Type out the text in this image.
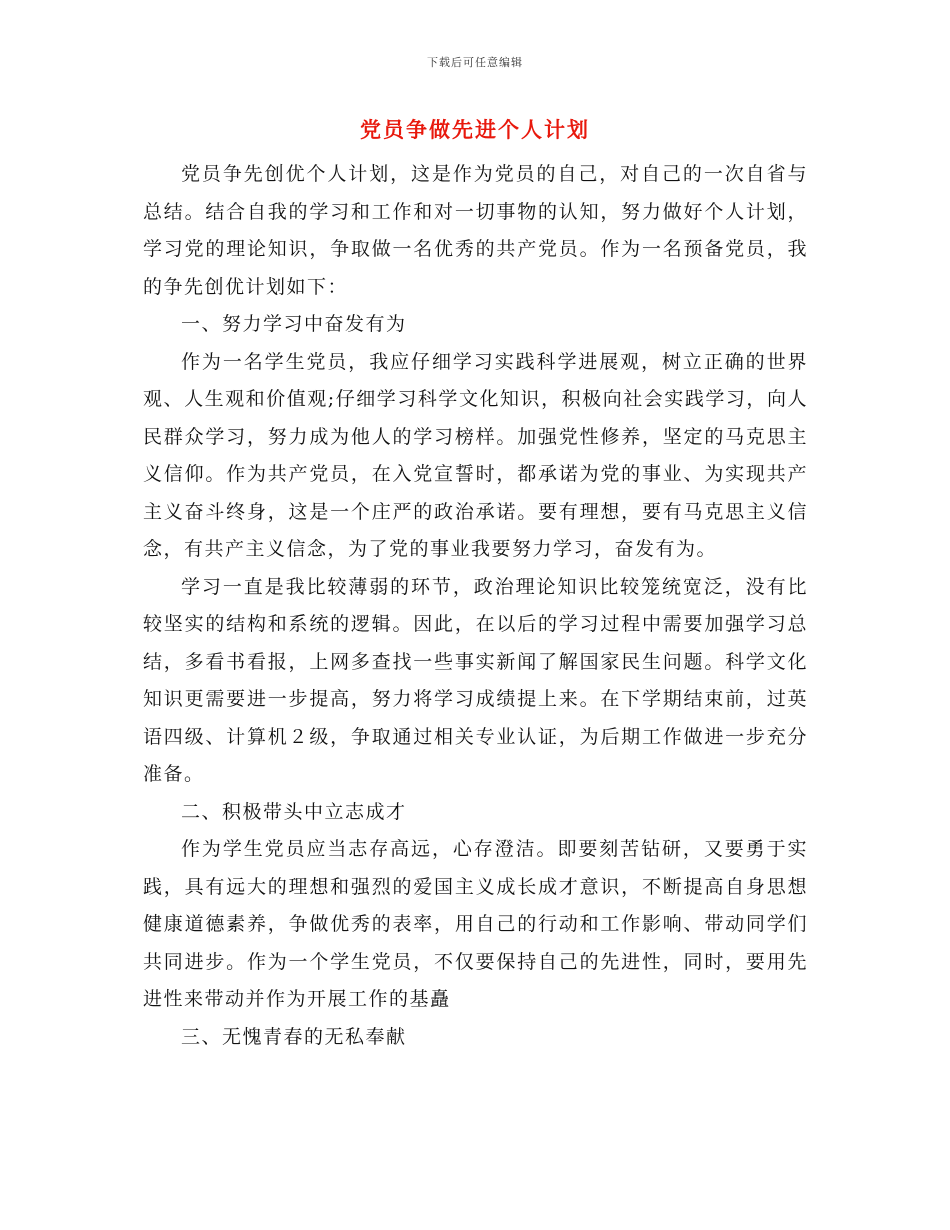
下载后可任意编辑
党员争做先进个人计划

党员争先创优个人计划，这是作为党员的自己，对自己的一次自省与总结。结合自我的学习和工作和对一切事物的认知，努力做好个人计划，学习党的理论知识，争取做一名优秀的共产党员。作为一名预备党员，我的争先创优计划如下：

一、努力学习中奋发有为

作为一名学生党员，我应仔细学习实践科学进展观，树立正确的世界观、人生观和价值观;仔细学习科学文化知识，积极向社会实践学习，向人民群众学习，努力成为他人的学习榜样。加强党性修养，坚定的马克思主义信仰。作为共产党员，在入党宣誓时，都承诺为党的事业、为实现共产主义奋斗终身，这是一个庄严的政治承诺。要有理想，要有马克思主义信念，有共产主义信念，为了党的事业我要努力学习，奋发有为。

学习一直是我比较薄弱的环节，政治理论知识比较笼统宽泛，没有比较坚实的结构和系统的逻辑。因此，在以后的学习过程中需要加强学习总结，多看书看报，上网多查找一些事实新闻了解国家民生问题。科学文化知识更需要进一步提高，努力将学习成绩提上来。在下学期结束前，过英语四级、计算机２级，争取通过相关专业认证，为后期工作做进一步充分准备。

二、积极带头中立志成才

作为学生党员应当志存高远，心存澄洁。即要刻苦钻研，又要勇于实践，具有远大的理想和强烈的爱国主义成长成才意识，不断提高自身思想健康道德素养，争做优秀的表率，用自己的行动和工作影响、带动同学们共同进步。作为一个学生党员，不仅要保持自己的先进性，同时，要用先进性来带动并作为开展工作的基矗

三、无愧青春的无私奉献
